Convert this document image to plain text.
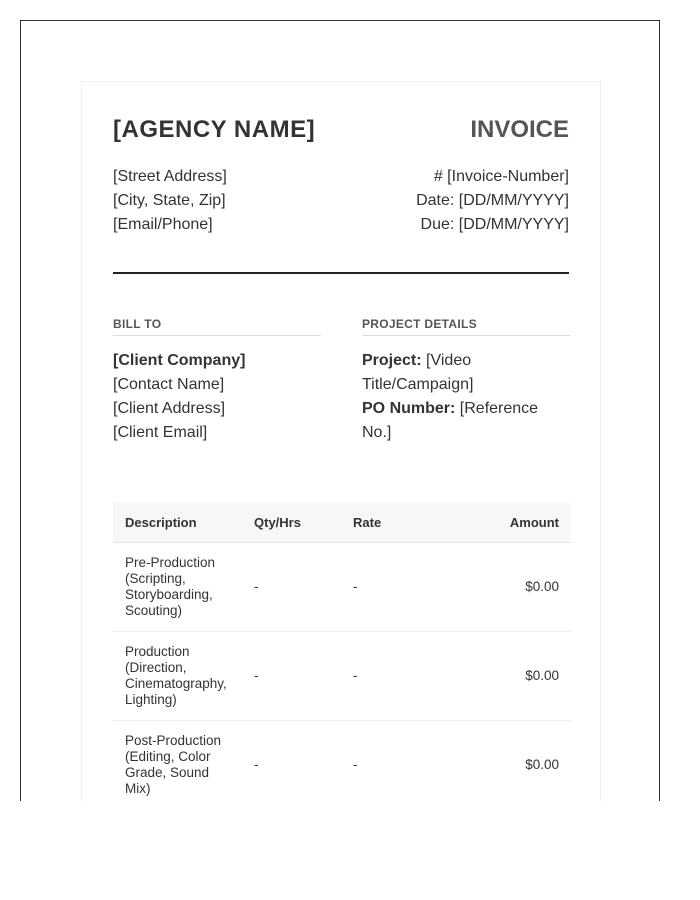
[AGENCY NAME]	INVOICE
[Street Address]
[City, State, Zip]
[Email/Phone]
# [Invoice-Number]
Date: [DD/MM/YYYY]
Due: [DD/MM/YYYY]
BILL TO	PROJECT DETAILS
[Client Company]
[Contact Name]
[Client Address]
[Client Email]
Project: [Video Title/Campaign]
PO Number: [Reference No.]
Description	Qty/Hrs	Rate	Amount
Pre-Production (Scripting, Storyboarding, Scouting)	-	-	$0.00
Production (Direction, Cinematography, Lighting)	-	-	$0.00
Post-Production (Editing, Color Grade, Sound Mix)	-	-	$0.00
